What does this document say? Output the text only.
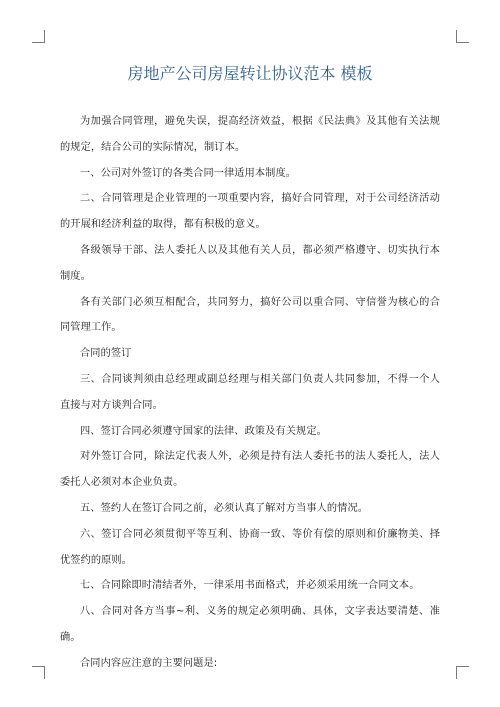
房地产公司房屋转让协议范本 模板

为加强合同管理，避免失误，提高经济效益，根据《民法典》及其他有关法规的规定，结合公司的实际情况，制订本。

一、公司对外签订的各类合同一律适用本制度。

二、合同管理是企业管理的一项重要内容，搞好合同管理，对于公司经济活动的开展和经济利益的取得，都有积极的意义。

各级领导干部、法人委托人以及其他有关人员，都必须严格遵守、切实执行本制度。

各有关部门必须互相配合，共同努力，搞好公司以重合同、守信誉为核心的合同管理工作。

合同的签订

三、合同谈判须由总经理或副总经理与相关部门负责人共同参加，不得一个人直接与对方谈判合同。

四、签订合同必须遵守国家的法律、政策及有关规定。

对外签订合同，除法定代表人外，必须是持有法人委托书的法人委托人，法人委托人必须对本企业负责。

五、签约人在签订合同之前，必须认真了解对方当事人的情况。

六、签订合同必须贯彻平等互利、协商一致、等价有偿的原则和价廉物美、择优签约的原则。

七、合同除即时清结者外，一律采用书面格式，并必须采用统一合同文本。

八、合同对各方当事~利、义务的规定必须明确、具体，文字表达要清楚、准确。

合同内容应注意的主要问题是:
